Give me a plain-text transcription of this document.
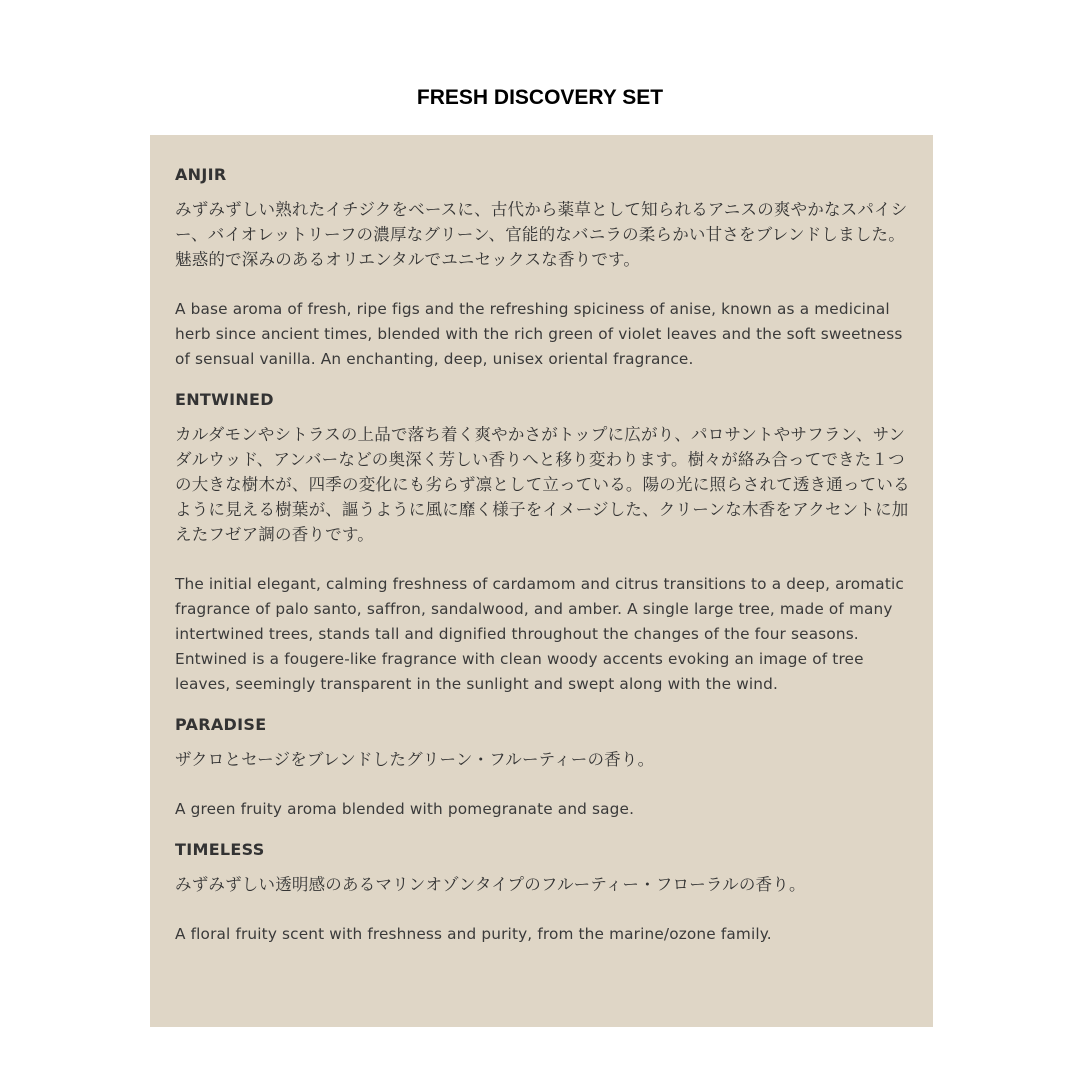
FRESH DISCOVERY SET
ANJIR

みずみずしい熟れたイチジクをベースに、古代から薬草として知られるアニスの爽やかなスパイシー、バイオレットリーフの濃厚なグリーン、官能的なバニラの柔らかい甘さをブレンドしました。魅惑的で深みのあるオリエンタルでユニセックスな香りです。

A base aroma of fresh, ripe figs and the refreshing spiciness of anise, known as a medicinal herb since ancient times, blended with the rich green of violet leaves and the soft sweetness of sensual vanilla. An enchanting, deep, unisex oriental fragrance.

ENTWINED

カルダモンやシトラスの上品で落ち着く爽やかさがトップに広がり、パロサントやサフラン、サンダルウッド、アンバーなどの奥深く芳しい香りへと移り変わります。樹々が絡み合ってできた１つの大きな樹木が、四季の変化にも劣らず凛として立っている。陽の光に照らされて透き通っているように見える樹葉が、謳うように風に靡く様子をイメージした、クリーンな木香をアクセントに加えたフゼア調の香りです。

The initial elegant, calming freshness of cardamom and citrus transitions to a deep, aromatic fragrance of palo santo, saffron, sandalwood, and amber. A single large tree, made of many intertwined trees, stands tall and dignified throughout the changes of the four seasons. Entwined is a fougere-like fragrance with clean woody accents evoking an image of tree leaves, seemingly transparent in the sunlight and swept along with the wind.

PARADISE

ザクロとセージをブレンドしたグリーン・フルーティーの香り。

A green fruity aroma blended with pomegranate and sage.

TIMELESS

みずみずしい透明感のあるマリンオゾンタイプのフルーティー・フローラルの香り。

A floral fruity scent with freshness and purity, from the marine/ozone family.
